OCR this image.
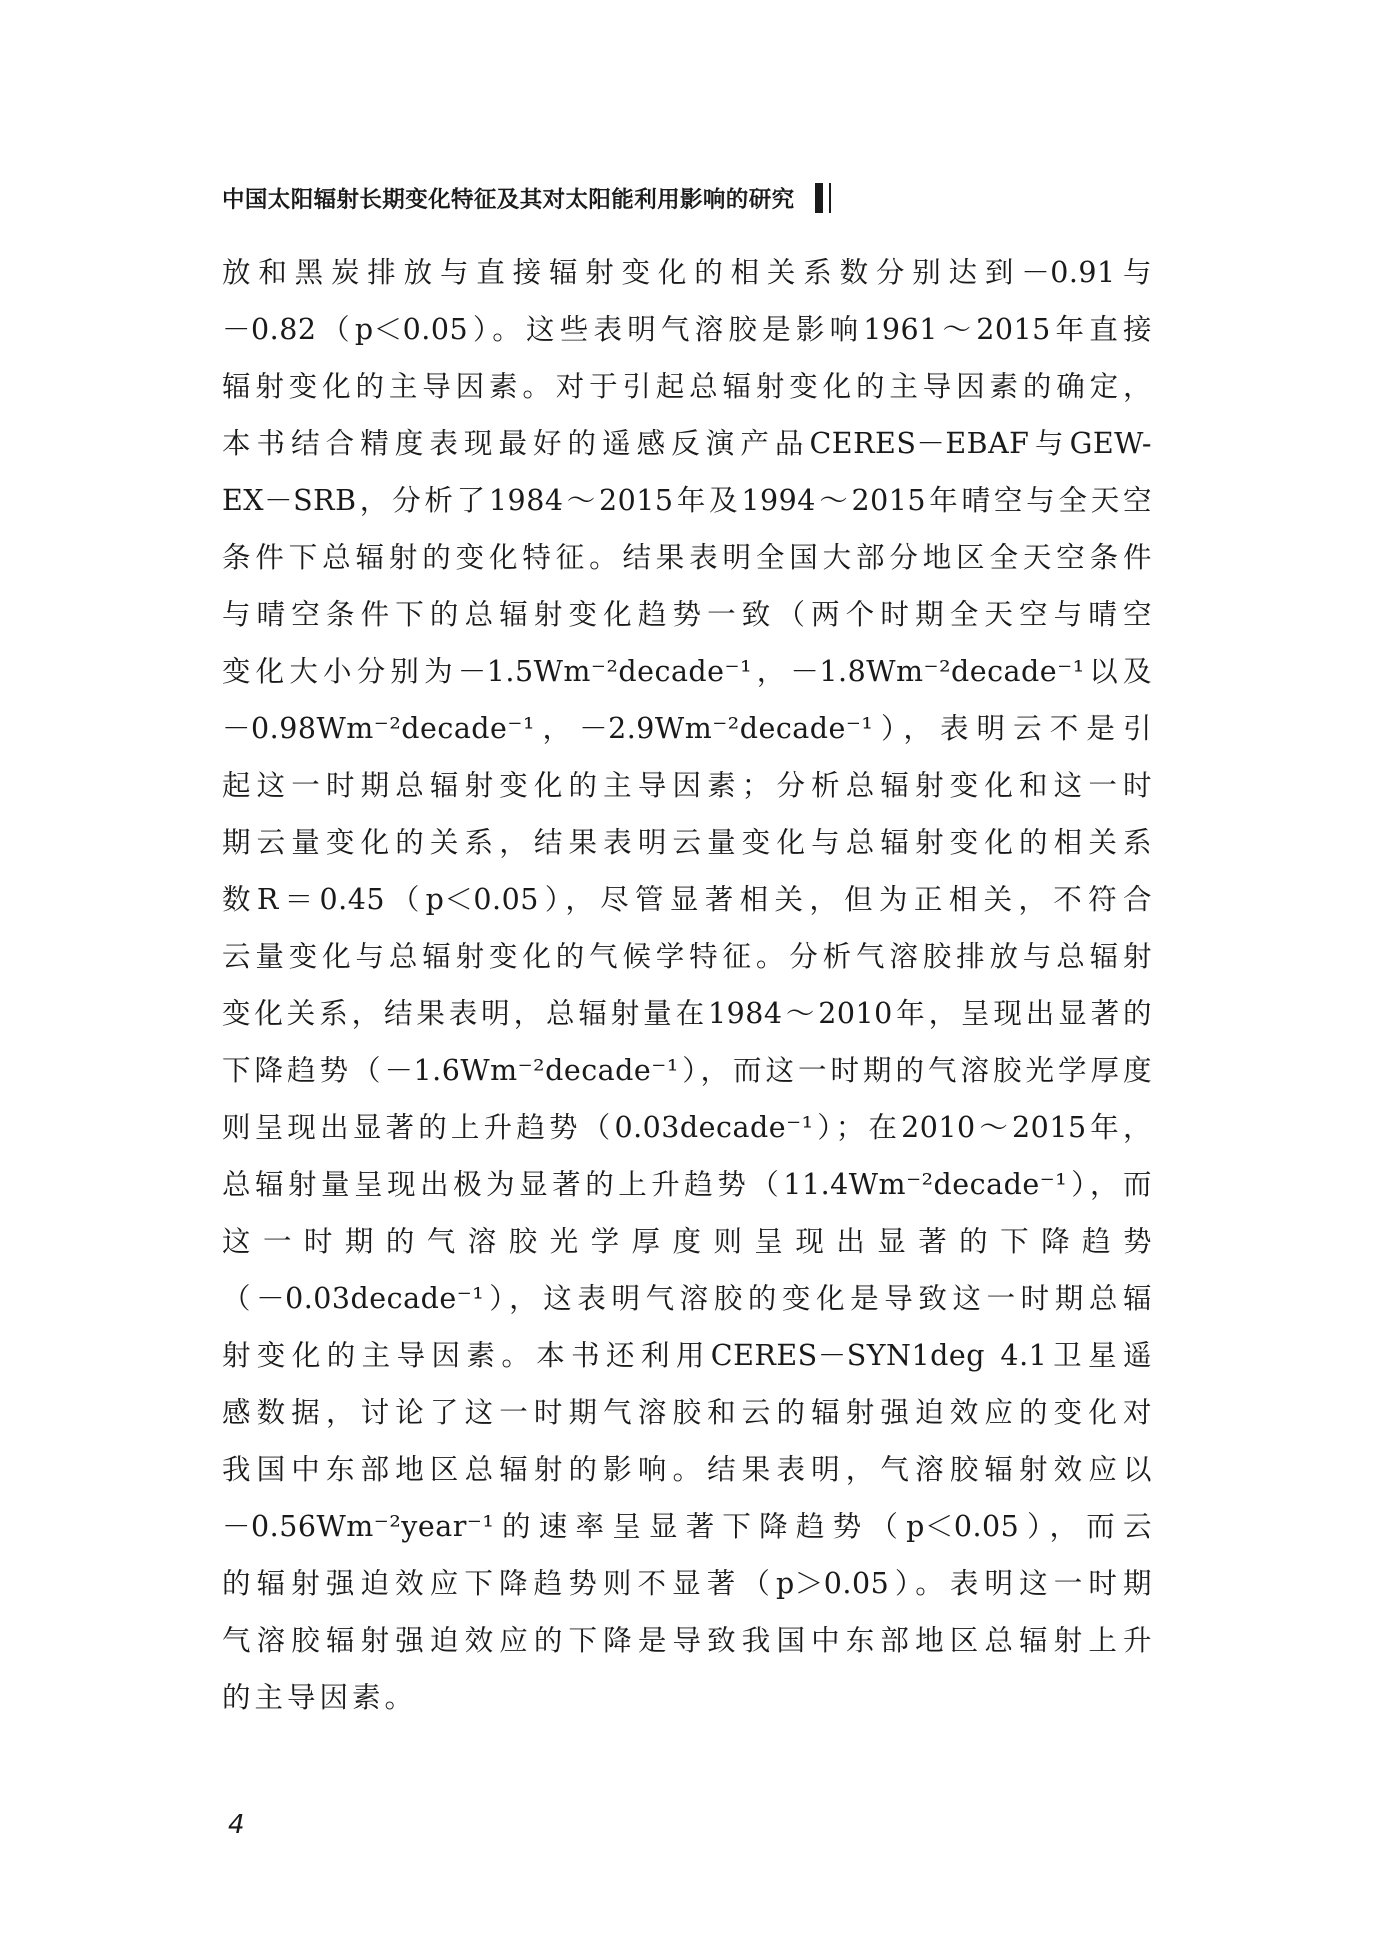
中国太阳辐射长期变化特征及其对太阳能利用影响的研究
放和黑炭排放与直接辐射变化的相关系数分别达到－0.91与
－0.82（p＜0.05）。这些表明气溶胶是影响1961～2015年直接
辐射变化的主导因素。对于引起总辐射变化的主导因素的确定，
本书结合精度表现最好的遥感反演产品CERES－EBAF与GEW-
EX－SRB，分析了1984～2015年及1994～2015年晴空与全天空
条件下总辐射的变化特征。结果表明全国大部分地区全天空条件
与晴空条件下的总辐射变化趋势一致（两个时期全天空与晴空
变化大小分别为－1.5Wm⁻²decade⁻¹，－1.8Wm⁻²decade⁻¹以及
－0.98Wm⁻²decade⁻¹，－2.9Wm⁻²decade⁻¹），表明云不是引
起这一时期总辐射变化的主导因素；分析总辐射变化和这一时
期云量变化的关系，结果表明云量变化与总辐射变化的相关系
数R＝0.45（p＜0.05），尽管显著相关，但为正相关，不符合
云量变化与总辐射变化的气候学特征。分析气溶胶排放与总辐射
变化关系，结果表明，总辐射量在1984～2010年，呈现出显著的
下降趋势（－1.6Wm⁻²decade⁻¹），而这一时期的气溶胶光学厚度
则呈现出显著的上升趋势（0.03decade⁻¹）；在2010～2015年，
总辐射量呈现出极为显著的上升趋势（11.4Wm⁻²decade⁻¹），而
这一时期的气溶胶光学厚度则呈现出显著的下降趋势
（－0.03decade⁻¹），这表明气溶胶的变化是导致这一时期总辐
射变化的主导因素。本书还利用CERES－SYN1deg 4.1卫星遥
感数据，讨论了这一时期气溶胶和云的辐射强迫效应的变化对
我国中东部地区总辐射的影响。结果表明，气溶胶辐射效应以
－0.56Wm⁻²year⁻¹的速率呈显著下降趋势（p＜0.05），而云
的辐射强迫效应下降趋势则不显著（p＞0.05）。表明这一时期
气溶胶辐射强迫效应的下降是导致我国中东部地区总辐射上升
的主导因素。
4
